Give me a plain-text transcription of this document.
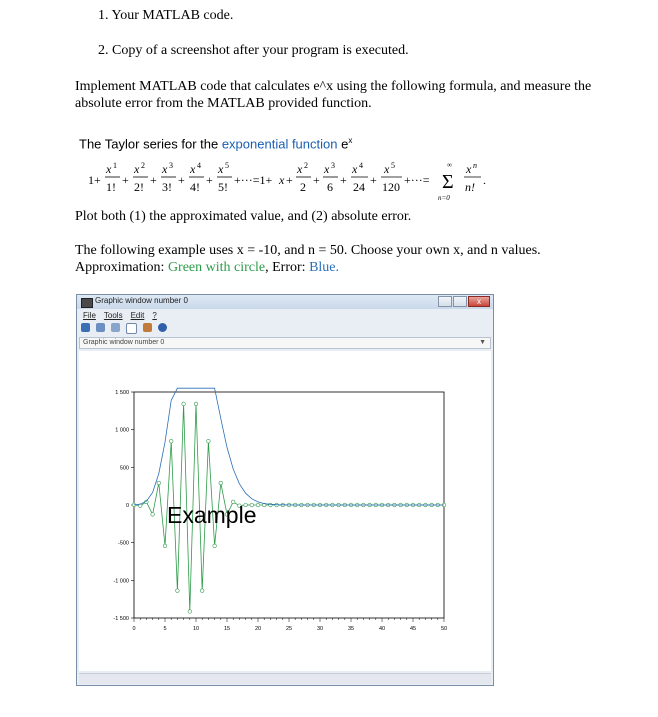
1. Your MATLAB code.
2. Copy of a screenshot after your program is executed.
Implement MATLAB code that calculates e^x using the following formula, and measure the absolute error from the MATLAB provided function.
The Taylor series for the exponential function $e^x$
1+
x 1
1! +
x 2
2! +
x 3
3! +
x 4
4! +
x 5
5! +···=1+ x +
x 2
2 +
x 3
6 +
x 4
24 +
x 5
120 +···=
∞
Σ
n=0
x n
n! .
Plot both (1) the approximated value, and (2) absolute error.
The following example uses x = -10, and n = 50. Choose your own x, and n values.
Approximation: Green with circle, Error: Blue.
Graphic window number 0	x
File Tools Edit ?
Graphic window number 0	▼
-1 500
-1 000
-500
0
500
1 000
1 500
0	5	10	15	20	25	30	35	40	45	50
Example
